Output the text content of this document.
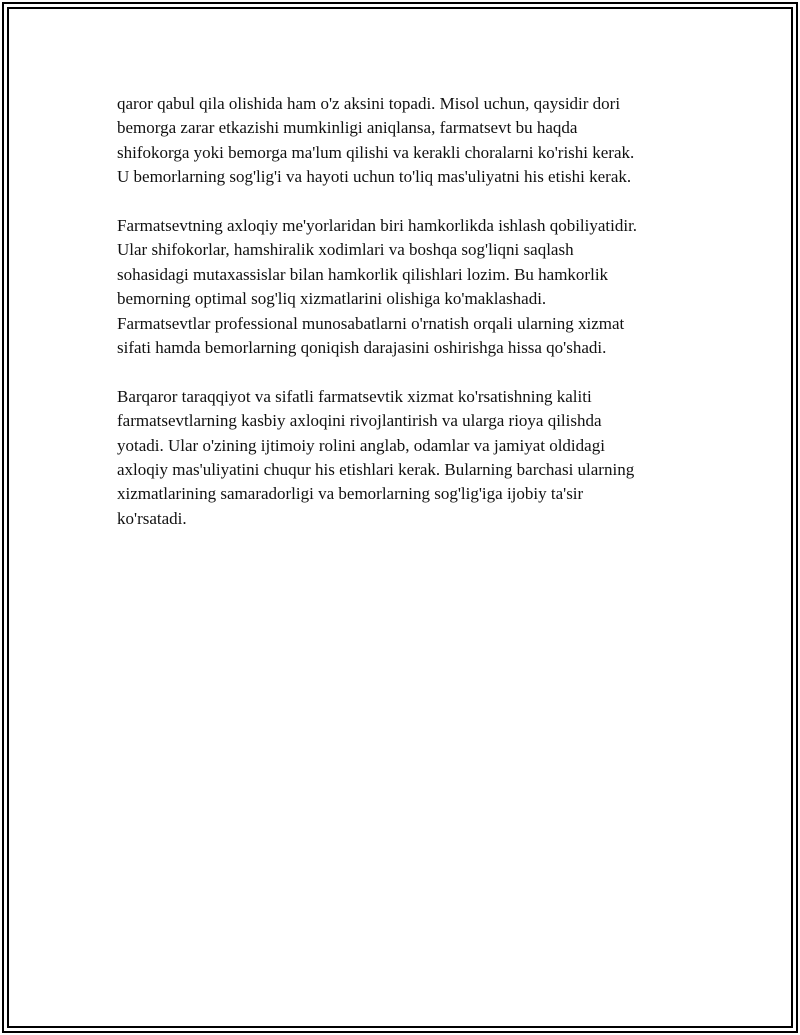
qaror qabul qila olishida ham o'z aksini topadi. Misol uchun, qaysidir dori
bemorga zarar etkazishi mumkinligi aniqlansa, farmatsevt bu haqda
shifokorga yoki bemorga ma'lum qilishi va kerakli choralarni ko'rishi kerak.
U bemorlarning sog'lig'i va hayoti uchun to'liq mas'uliyatni his etishi kerak.

Farmatsevtning axloqiy me'yorlaridan biri hamkorlikda ishlash qobiliyatidir.
Ular shifokorlar, hamshiralik xodimlari va boshqa sog'liqni saqlash
sohasidagi mutaxassislar bilan hamkorlik qilishlari lozim. Bu hamkorlik
bemorning optimal sog'liq xizmatlarini olishiga ko'maklashadi.
Farmatsevtlar professional munosabatlarni o'rnatish orqali ularning xizmat
sifati hamda bemorlarning qoniqish darajasini oshirishga hissa qo'shadi.

Barqaror taraqqiyot va sifatli farmatsevtik xizmat ko'rsatishning kaliti
farmatsevtlarning kasbiy axloqini rivojlantirish va ularga rioya qilishda
yotadi. Ular o'zining ijtimoiy rolini anglab, odamlar va jamiyat oldidagi
axloqiy mas'uliyatini chuqur his etishlari kerak. Bularning barchasi ularning
xizmatlarining samaradorligi va bemorlarning sog'lig'iga ijobiy ta'sir
ko'rsatadi.
